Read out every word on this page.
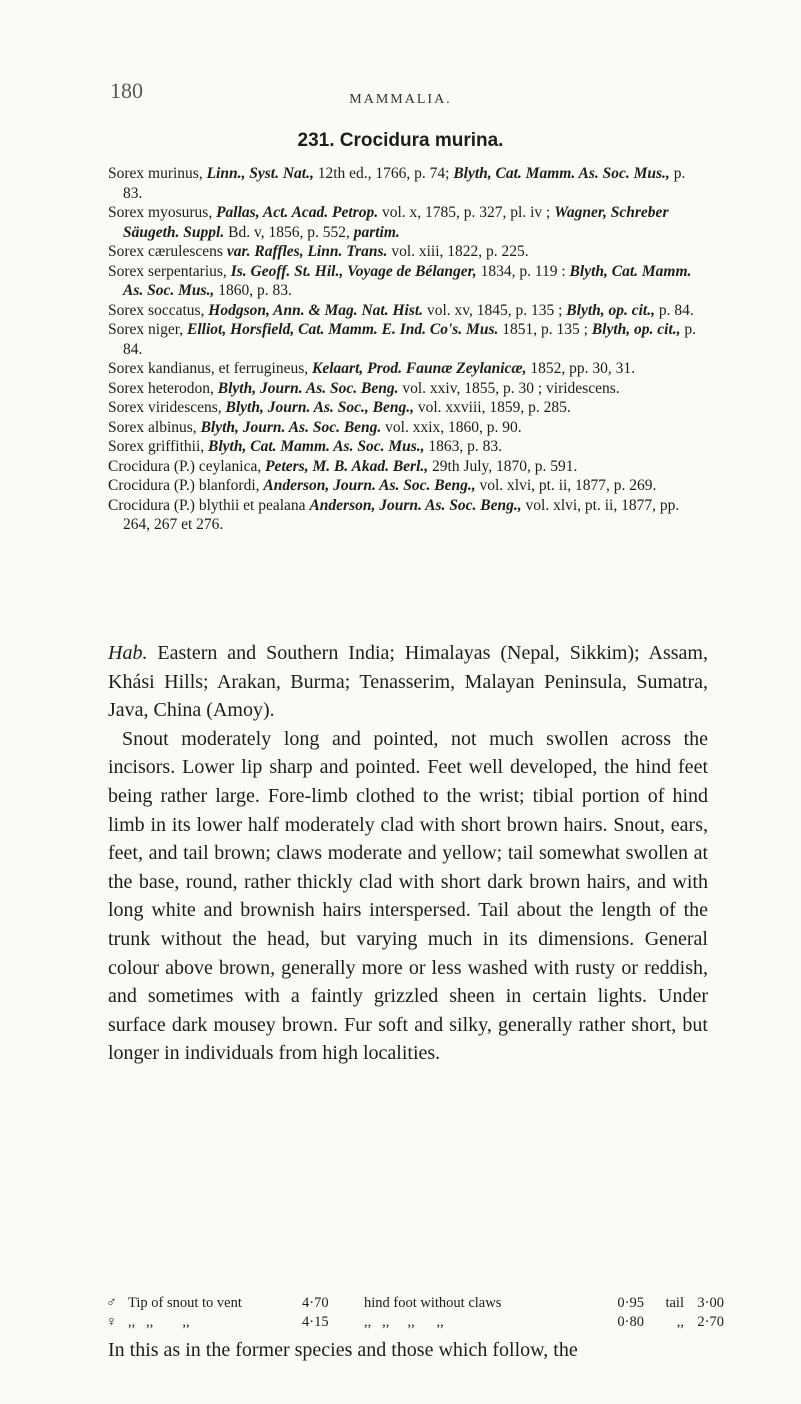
180	MAMMALIA.
231. Crocidura murina.

Sorex murinus, Linn., Syst. Nat., 12th ed., 1766, p. 74; Blyth, Cat. Mamm. As. Soc. Mus., p. 83.

Sorex myosurus, Pallas, Act. Acad. Petrop. vol. x, 1785, p. 327, pl. iv ; Wagner, Schreber Säugeth. Suppl. Bd. v, 1856, p. 552, partim.

Sorex cærulescens var. Raffles, Linn. Trans. vol. xiii, 1822, p. 225.

Sorex serpentarius, Is. Geoff. St. Hil., Voyage de Bélanger, 1834, p. 119 : Blyth, Cat. Mamm. As. Soc. Mus., 1860, p. 83.

Sorex soccatus, Hodgson, Ann. & Mag. Nat. Hist. vol. xv, 1845, p. 135 ; Blyth, op. cit., p. 84.

Sorex niger, Elliot, Horsfield, Cat. Mamm. E. Ind. Co's. Mus. 1851, p. 135 ; Blyth, op. cit., p. 84.

Sorex kandianus, et ferrugineus, Kelaart, Prod. Faunæ Zeylanicæ, 1852, pp. 30, 31.

Sorex heterodon, Blyth, Journ. As. Soc. Beng. vol. xxiv, 1855, p. 30 ; viridescens.

Sorex viridescens, Blyth, Journ. As. Soc., Beng., vol. xxviii, 1859, p. 285.

Sorex albinus, Blyth, Journ. As. Soc. Beng. vol. xxix, 1860, p. 90.

Sorex griffithii, Blyth, Cat. Mamm. As. Soc. Mus., 1863, p. 83.

Crocidura (P.) ceylanica, Peters, M. B. Akad. Berl., 29th July, 1870, p. 591.

Crocidura (P.) blanfordi, Anderson, Journ. As. Soc. Beng., vol. xlvi, pt. ii, 1877, p. 269.

Crocidura (P.) blythii et pealana Anderson, Journ. As. Soc. Beng., vol. xlvi, pt. ii, 1877, pp. 264, 267 et 276.

Hab. Eastern and Southern India; Himalayas (Nepal, Sikkim); Assam, Khási Hills; Arakan, Burma; Tenasserim, Malayan Peninsula, Sumatra, Java, China (Amoy).

Snout moderately long and pointed, not much swollen across the incisors. Lower lip sharp and pointed. Feet well developed, the hind feet being rather large. Fore-limb clothed to the wrist; tibial portion of hind limb in its lower half moderately clad with short brown hairs. Snout, ears, feet, and tail brown; claws moderate and yellow; tail somewhat swollen at the base, round, rather thickly clad with short dark brown hairs, and with long white and brownish hairs interspersed. Tail about the length of the trunk without the head, but varying much in its dimensions. General colour above brown, generally more or less washed with rusty or reddish, and sometimes with a faintly grizzled sheen in certain lights. Under surface dark mousey brown. Fur soft and silky, generally rather short, but longer in individuals from high localities.

♂ Tip of snout to vent	4·70	hind foot without claws	0·95	tail 3·00
♀ ,,   ,,        ,,	4·15	,,   ,,     ,,      ,,	0·80	,, 2·70
In this as in the former species and those which follow, the
